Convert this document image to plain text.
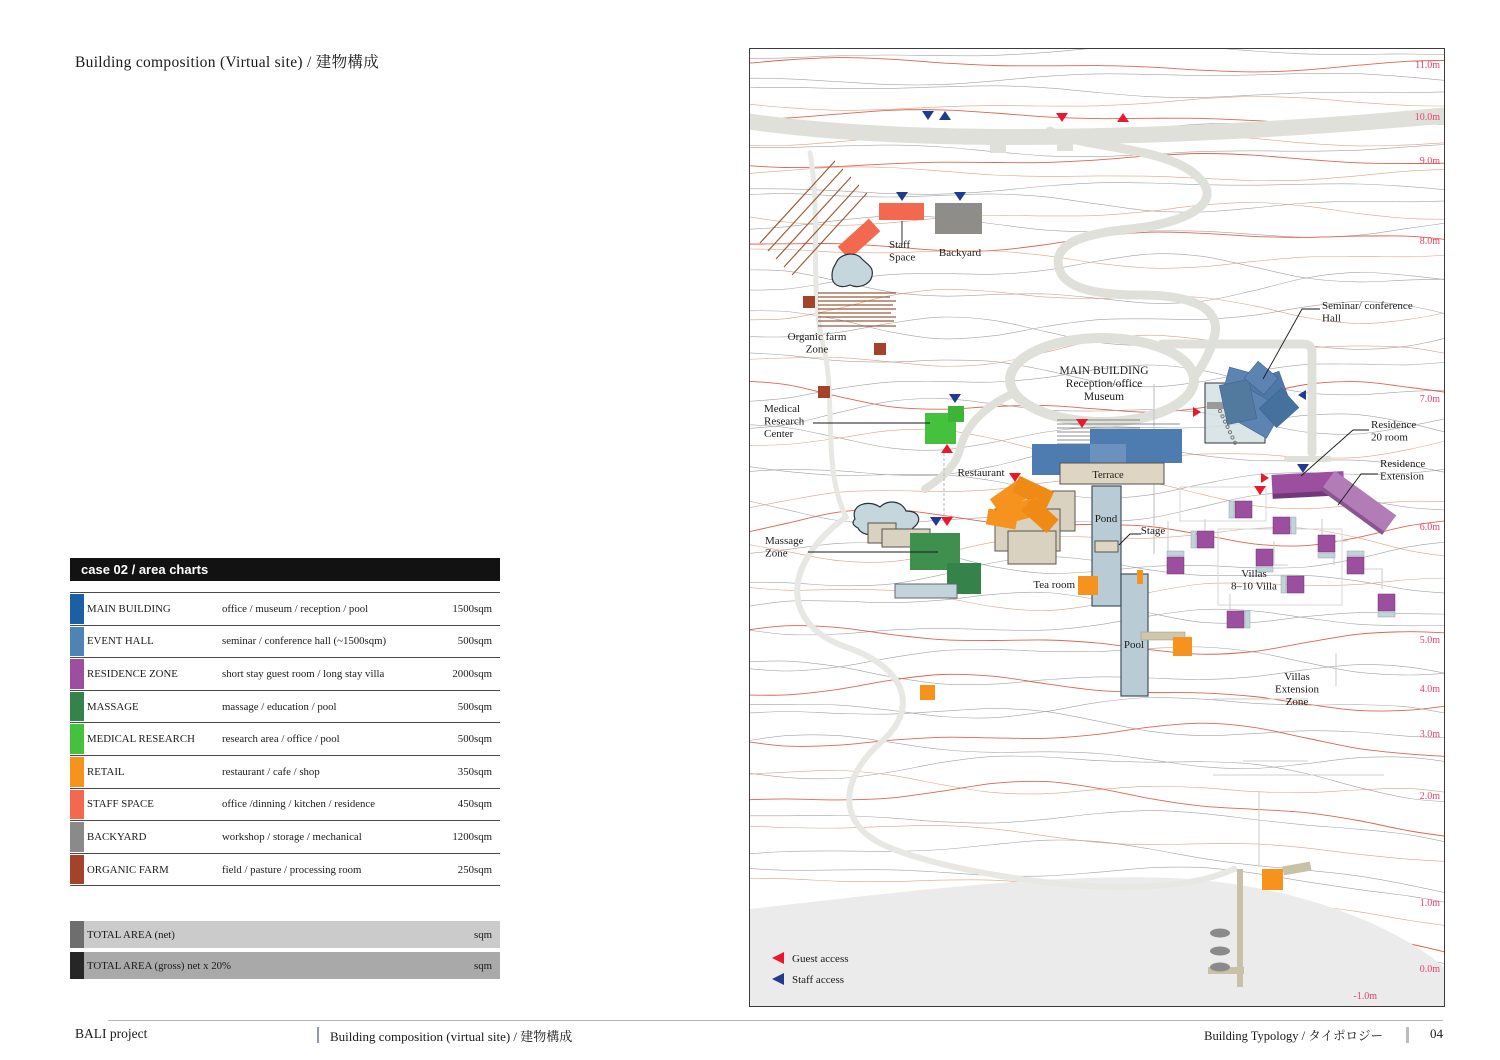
Building composition (Virtual site) / 建物構成
case 02 / area charts
MAIN BUILDING	office / museum / reception / pool	1500sqm
EVENT HALL	seminar / conference hall (~1500sqm)	500sqm
RESIDENCE ZONE	short stay guest room / long stay villa	2000sqm
MASSAGE	massage / education / pool	500sqm
MEDICAL RESEARCH	research area / office / pool	500sqm
RETAIL	restaurant / cafe / shop	350sqm
STAFF SPACE	office /dinning / kitchen / residence	450sqm
BACKYARD	workshop / storage / mechanical	1200sqm
ORGANIC FARM	field / pasture / processing room	250sqm
TOTAL AREA (net)	sqm
TOTAL AREA (gross) net x 20%	sqm
Staff
Space Backyard
Organic farm
Zone
Medical
Research
Center
Restaurant
Massage
Zone
MAIN BUILDING
Reception/office
Museum
Terrace
Pond
Stage
Tea room
Pool
Seminar/ conference
Hall
Residence
20 room
Residence
Extension
Villas
8–10 Villa
Villas
Extension
Zone
11.0m
10.0m
9.0m
8.0m
7.0m
6.0m
5.0m
4.0m
3.0m
2.0m
1.0m
0.0m
-1.0m
Guest access
Staff access
BALI project	Building composition (virtual site) / 建物構成	Building Typology / タイポロジー	04
